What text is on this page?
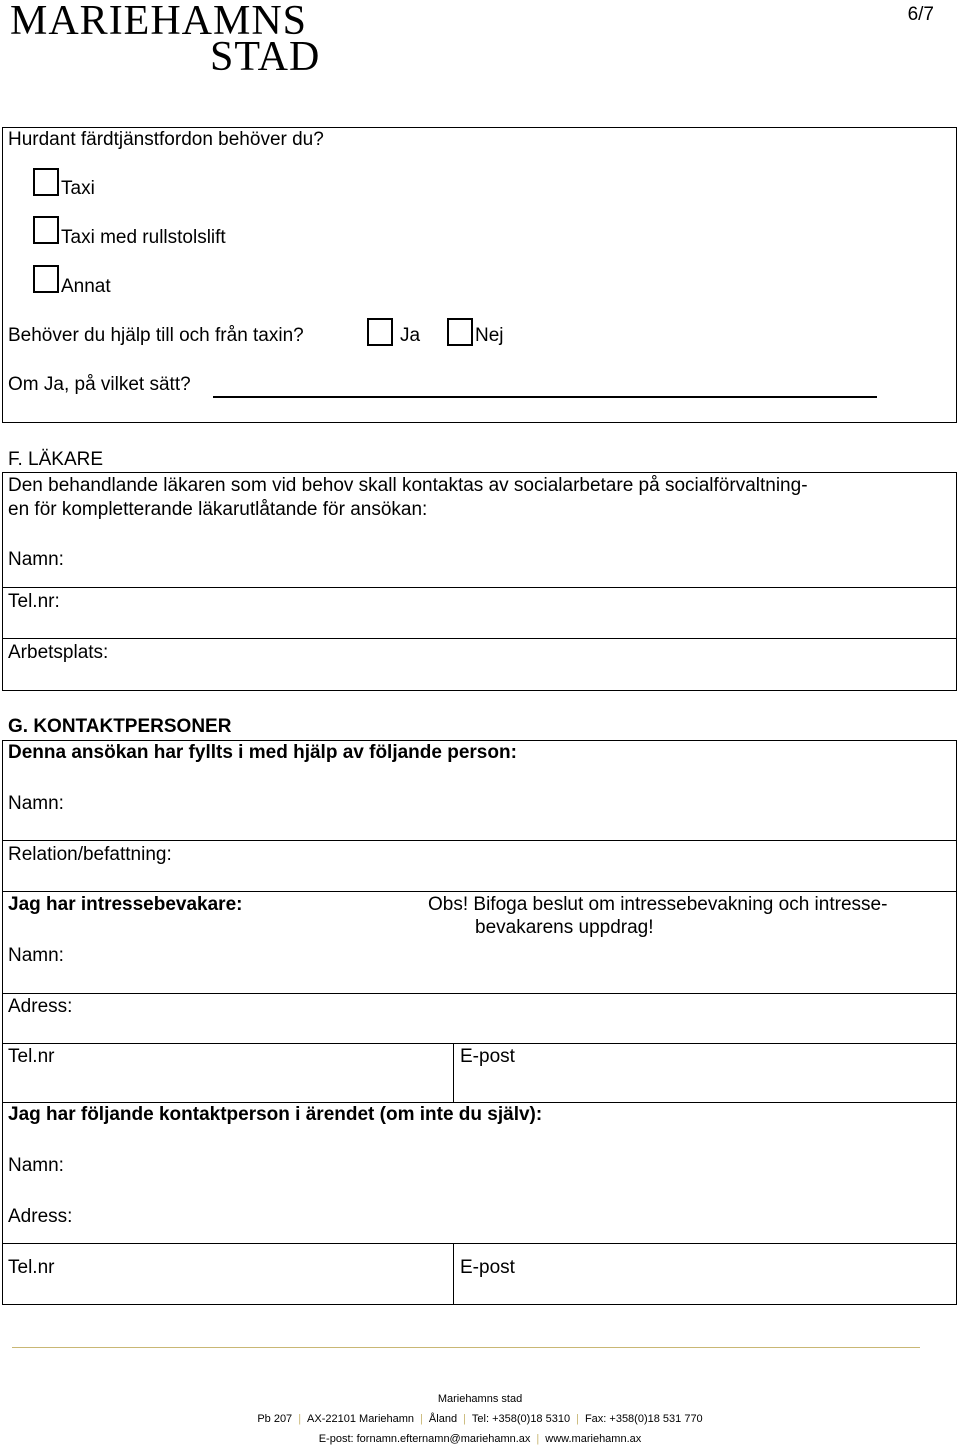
MARIEHAMNS
STAD
6/7
Hurdant färdtjänstfordon behöver du?
Taxi
Taxi med rullstolslift
Annat
Behöver du hjälp till och från taxin?	Ja	Nej
Om Ja, på vilket sätt?
F. LÄKARE
Den behandlande läkaren som vid behov skall kontaktas av socialarbetare på socialförvaltning-
en för kompletterande läkarutlåtande för ansökan:
Namn:
Tel.nr:
Arbetsplats:
G. KONTAKTPERSONER
Denna ansökan har fyllts i med hjälp av följande person:
Namn:
Relation/befattning:
Jag har intressebevakare:	Obs! Bifoga beslut om intressebevakning och intresse-
bevakarens uppdrag!
Namn:
Adress:
Tel.nr	E-post
Jag har följande kontaktperson i ärendet (om inte du själv):
Namn:
Adress:
Tel.nr	E-post
Mariehamns stad
Pb 207 | AX-22101 Mariehamn | Åland | Tel: +358(0)18 5310 | Fax: +358(0)18 531 770
E-post: fornamn.efternamn@mariehamn.ax | www.mariehamn.ax
